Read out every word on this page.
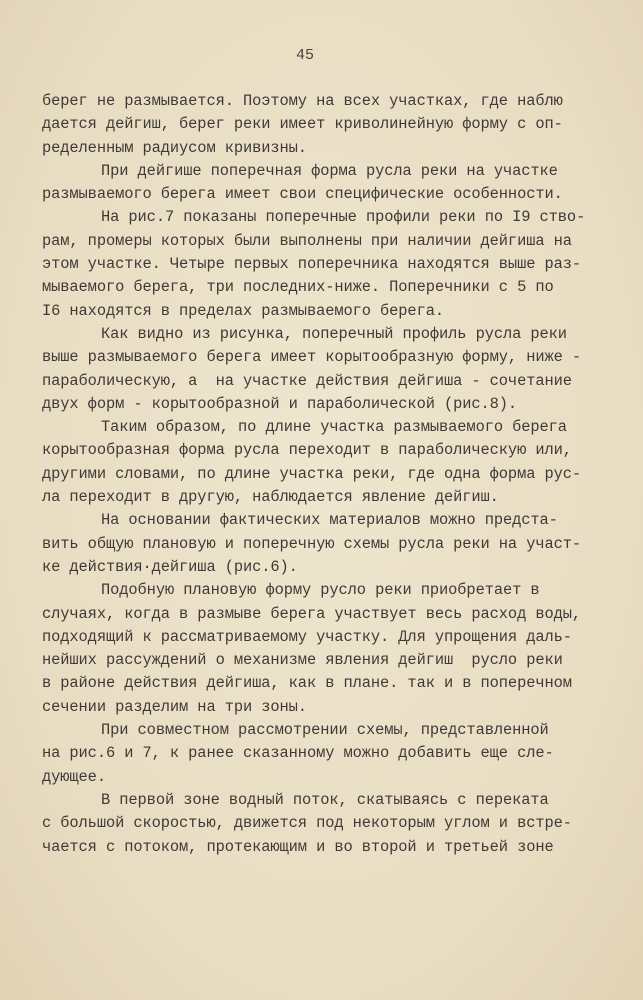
45
берег не размывается. Поэтому на всех участках, где наблю
дается дейгиш, берег реки имеет криволинейную форму с оп-
ределенным радиусом кривизны.
При дейгише поперечная форма русла реки на участке
размываемого берега имеет свои специфические особенности.
На рис.7 показаны поперечные профили реки по I9 ство-
рам, промеры которых были выполнены при наличии дейгиша на
этом участке. Четыре первых поперечника находятся выше раз-
мываемого берега, три последних-ниже. Поперечники с 5 по
I6 находятся в пределах размываемого берега.
Как видно из рисунка, поперечный профиль русла реки
выше размываемого берега имеет корытообразную форму, ниже -
параболическую, а  на участке действия дейгиша - сочетание
двух форм - корытообразной и параболической (рис.8).
Таким образом, по длине участка размываемого берега
корытообразная форма русла переходит в параболическую или,
другими словами, по длине участка реки, где одна форма рус-
ла переходит в другую, наблюдается явление дейгиш.
На основании фактических материалов можно предста-
вить общую плановую и поперечную схемы русла реки на участ-
ке действия·дейгиша (рис.6).
Подобную плановую форму русло реки приобретает в
случаях, когда в размыве берега участвует весь расход воды,
подходящий к рассматриваемому участку. Для упрощения даль-
нейших рассуждений о механизме явления дейгиш  русло реки
в районе действия дейгиша, как в плане. так и в поперечном
сечении разделим на три зоны.
При совместном рассмотрении схемы, представленной
на рис.6 и 7, к ранее сказанному можно добавить еще сле-
дующее.
В первой зоне водный поток, скатываясь с переката
с большой скоростью, движется под некоторым углом и встре-
чается с потоком, протекающим и во второй и третьей зоне
